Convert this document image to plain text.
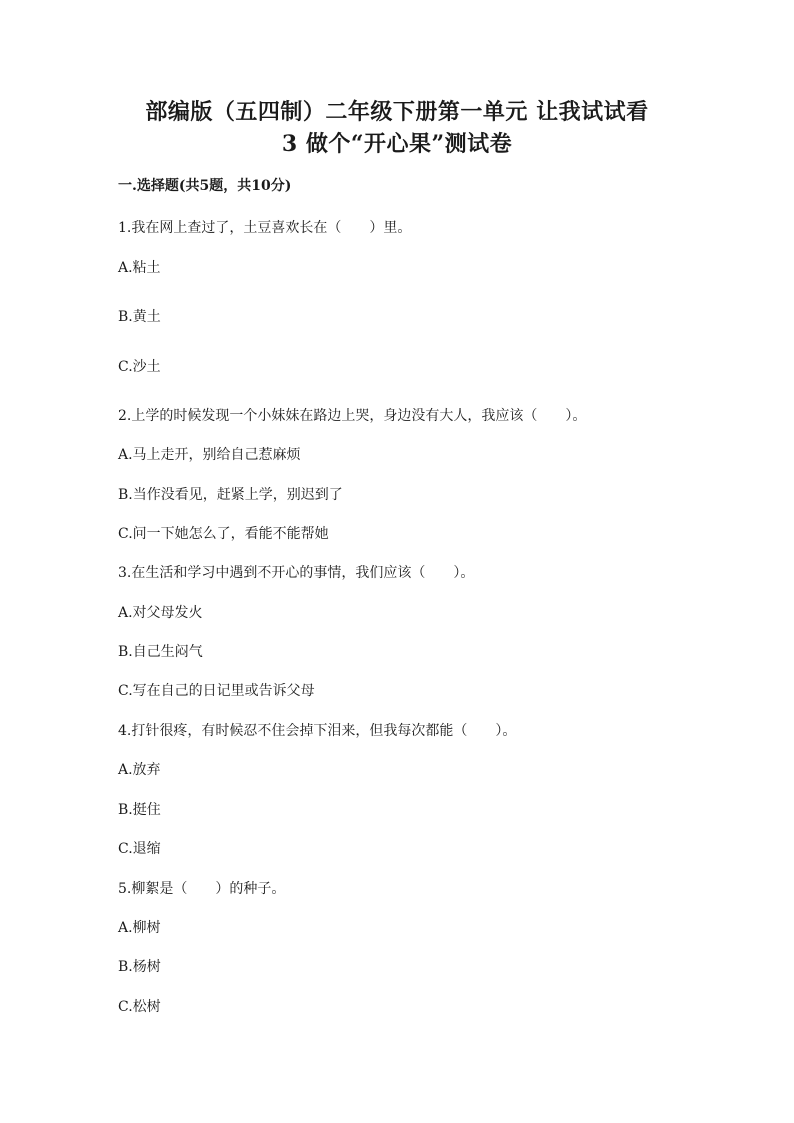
部编版（五四制）二年级下册第一单元 让我试试看
3 做个“开心果”测试卷
一.选择题(共5题，共10分)
1.我在网上查过了，土豆喜欢长在（　　）里。
A.粘土
B.黄土
C.沙土
2.上学的时候发现一个小妹妹在路边上哭，身边没有大人，我应该（　　）。
A.马上走开，别给自己惹麻烦
B.当作没看见，赶紧上学，别迟到了
C.问一下她怎么了，看能不能帮她
3.在生活和学习中遇到不开心的事情，我们应该（　　）。
A.对父母发火
B.自己生闷气
C.写在自己的日记里或告诉父母
4.打针很疼，有时候忍不住会掉下泪来，但我每次都能（　　）。
A.放弃
B.挺住
C.退缩
5.柳絮是（　　）的种子。
A.柳树
B.杨树
C.松树
